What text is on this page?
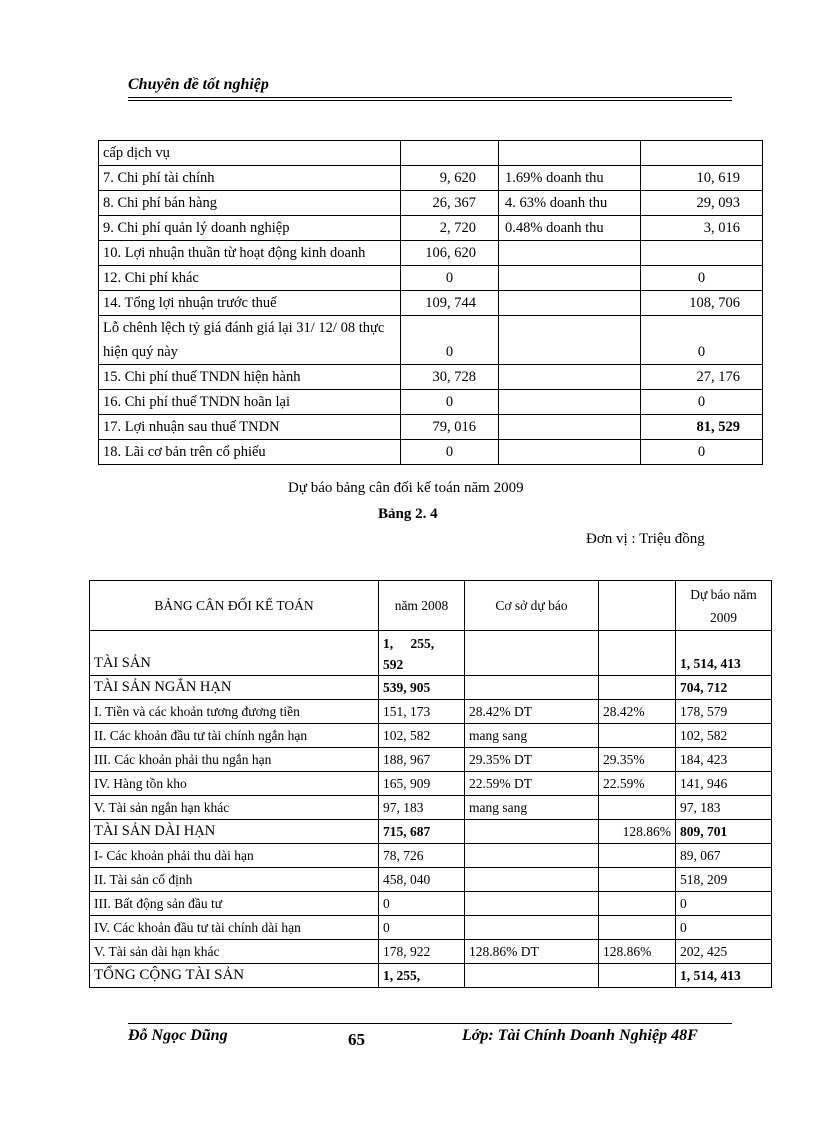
Chuyên đề tốt nghiệp
cấp dịch vụ			
7. Chi phí tài chính	9, 620	1.69% doanh thu	10, 619
8. Chi phí bán hàng	26, 367	4. 63% doanh thu	29, 093
9. Chi phí quản lý doanh nghiệp	2, 720	0.48% doanh thu	3, 016
10. Lợi nhuận thuần từ hoạt động kinh doanh	106, 620		
12. Chi phí khác	0		0
14. Tổng lợi nhuận trước thuế	109, 744		108, 706
Lỗ chênh lệch tỷ giá đánh giá lại 31/ 12/ 08 thực hiện quý này	0		0
15. Chi phí thuế TNDN hiện hành	30, 728		27, 176
16. Chi phí thuế TNDN hoãn lại	0		0
17. Lợi nhuận sau thuế TNDN	79, 016		81, 529
18. Lãi cơ bản trên cổ phiếu	0		0
Dự báo bảng cân đối kế toán năm 2009
Bảng 2. 4
Đơn vị : Triệu đồng
BẢNG CÂN ĐỐI KẾ TOÁN	năm 2008	Cơ sở dự báo		Dự báo năm 2009
TÀI SẢN	1, 255, 592			1, 514, 413
TÀI SẢN NGẮN HẠN	539, 905			704, 712
I. Tiền và các khoản tương đương tiền	151, 173	28.42% DT	28.42%	178, 579
II. Các khoản đầu tư tài chính ngắn hạn	102, 582	mang sang		102, 582
III. Các khoản phải thu ngắn hạn	188, 967	29.35% DT	29.35%	184, 423
IV. Hàng tồn kho	165, 909	22.59% DT	22.59%	141, 946
V. Tài sản ngắn hạn khác	97, 183	mang sang		97, 183
TÀI SẢN DÀI HẠN	715, 687		128.86%	809, 701
I- Các khoản phải thu dài hạn	78, 726			89, 067
II. Tài sản cố định	458, 040			518, 209
III. Bất động sản đầu tư	0			0
IV. Các khoản đầu tư tài chính dài hạn	0			0
V. Tài sản dài hạn khác	178, 922	128.86% DT	128.86%	202, 425
TỔNG CỘNG TÀI SẢN	1, 255,			1, 514, 413
Đỗ Ngọc Dũng	65	Lớp: Tài Chính Doanh Nghiệp 48F
